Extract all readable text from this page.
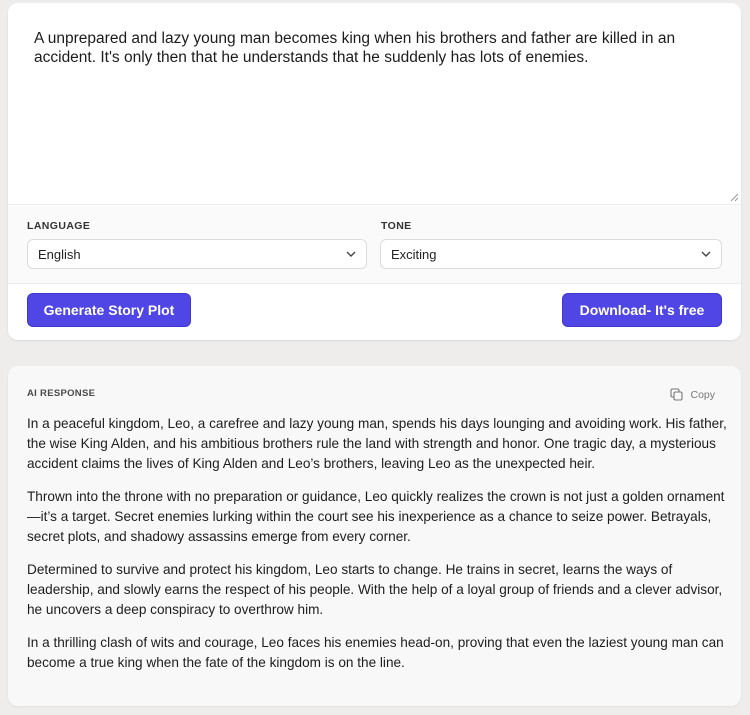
A unprepared and lazy young man becomes king when his brothers and father are killed in an accident. It's only then that he understands that he suddenly has lots of enemies.
LANGUAGE
English
TONE
Exciting
Generate Story Plot	Download- It's free
AI RESPONSE	Copy

In a peaceful kingdom, Leo, a carefree and lazy young man, spends his days lounging and avoiding work. His father, the wise King Alden, and his ambitious brothers rule the land with strength and honor. One tragic day, a mysterious accident claims the lives of King Alden and Leo’s brothers, leaving Leo as the unexpected heir.

Thrown into the throne with no preparation or guidance, Leo quickly realizes the crown is not just a golden ornament—it’s a target. Secret enemies lurking within the court see his inexperience as a chance to seize power. Betrayals, secret plots, and shadowy assassins emerge from every corner.

Determined to survive and protect his kingdom, Leo starts to change. He trains in secret, learns the ways of leadership, and slowly earns the respect of his people. With the help of a loyal group of friends and a clever advisor, he uncovers a deep conspiracy to overthrow him.

In a thrilling clash of wits and courage, Leo faces his enemies head-on, proving that even the laziest young man can become a true king when the fate of the kingdom is on the line.
